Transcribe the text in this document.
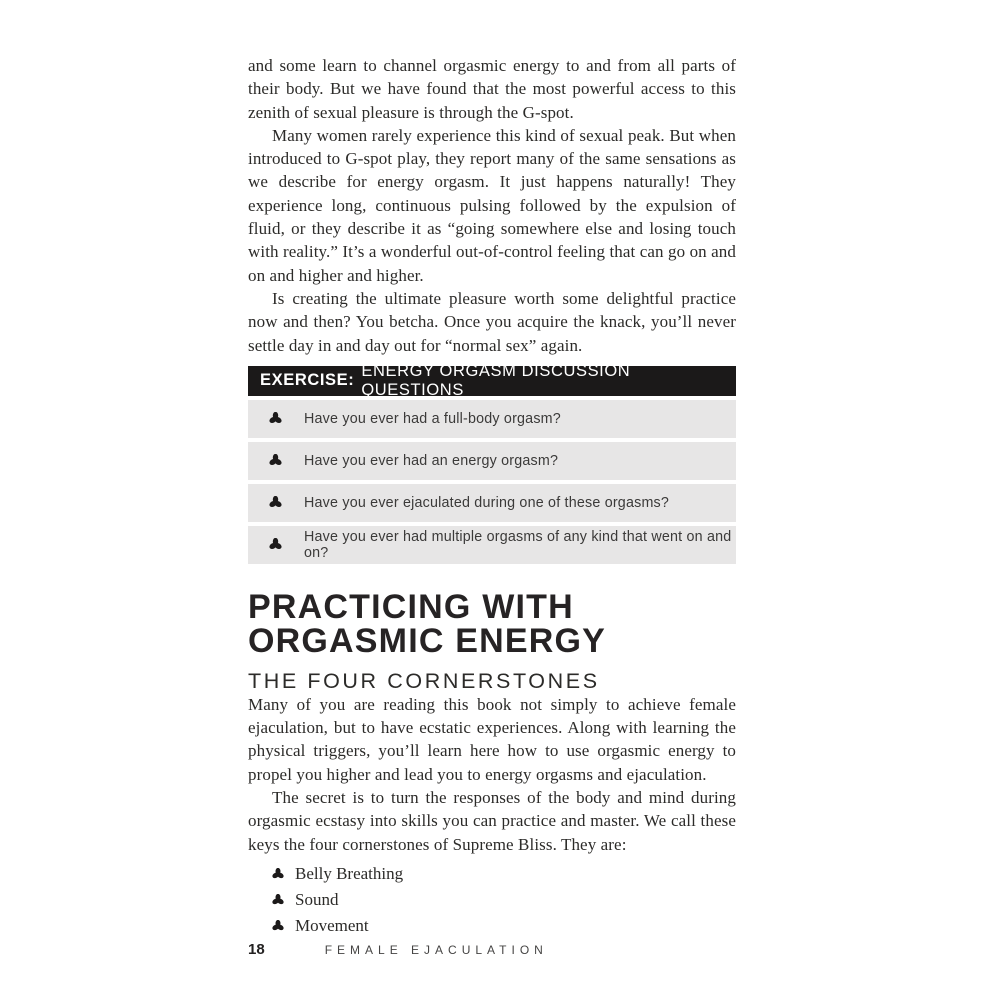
and some learn to channel orgasmic energy to and from all parts of their body. But we have found that the most powerful access to this zenith of sexual pleasure is through the G-spot.

Many women rarely experience this kind of sexual peak. But when introduced to G-spot play, they report many of the same sensations as we describe for energy orgasm. It just happens naturally! They experience long, continuous pulsing followed by the expulsion of fluid, or they describe it as “going somewhere else and losing touch with reality.” It’s a wonderful out-of-control feeling that can go on and on and higher and higher.

Is creating the ultimate pleasure worth some delightful practice now and then? You betcha. Once you acquire the knack, you’ll never settle day in and day out for “normal sex” again.

EXERCISE:
ENERGY ORGASM DISCUSSION QUESTIONS
Have you ever had a full-body orgasm?
Have you ever had an energy orgasm?
Have you ever ejaculated during one of these orgasms?
Have you ever had multiple orgasms of any kind that went on and on?
PRACTICING WITH
ORGASMIC ENERGY
THE FOUR CORNERSTONES

Many of you are reading this book not simply to achieve female ejaculation, but to have ecstatic experiences. Along with learning the physical triggers, you’ll learn here how to use orgasmic energy to propel you higher and lead you to energy orgasms and ejaculation.

The secret is to turn the responses of the body and mind during orgasmic ecstasy into skills you can practice and master. We call these keys the four cornerstones of Supreme Bliss. They are:

Belly Breathing
Sound
Movement
18	FEMALE EJACULATION
